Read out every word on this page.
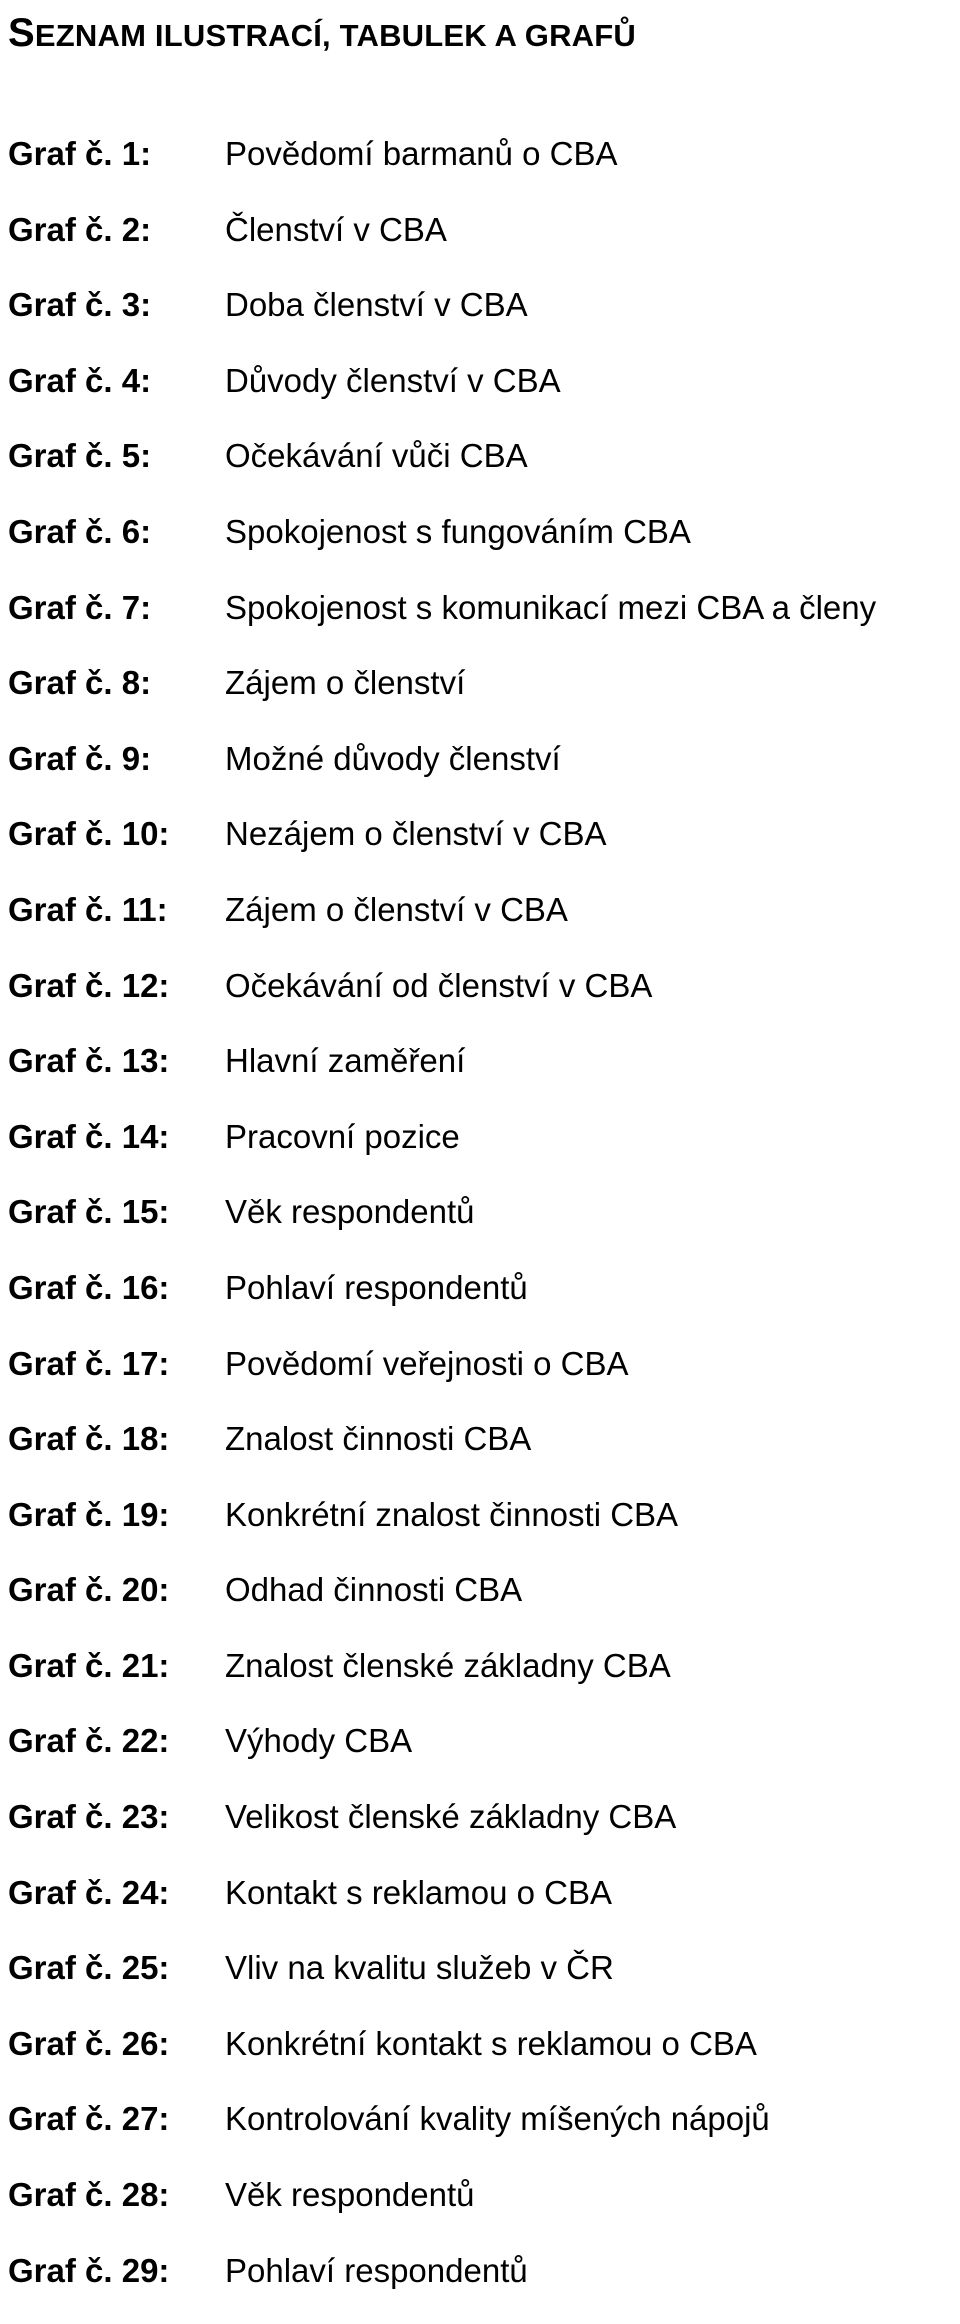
SEZNAM ILUSTRACÍ, TABULEK A GRAFŮ
Graf č. 1: Povědomí barmanů o CBA
Graf č. 2: Členství v CBA
Graf č. 3: Doba členství v CBA
Graf č. 4: Důvody členství v CBA
Graf č. 5: Očekávání vůči CBA
Graf č. 6: Spokojenost s fungováním CBA
Graf č. 7: Spokojenost s komunikací mezi CBA a členy
Graf č. 8: Zájem o členství
Graf č. 9: Možné důvody členství
Graf č. 10: Nezájem o členství v CBA
Graf č. 11: Zájem o členství v CBA
Graf č. 12: Očekávání od členství v CBA
Graf č. 13: Hlavní zaměření
Graf č. 14: Pracovní pozice
Graf č. 15: Věk respondentů
Graf č. 16: Pohlaví respondentů
Graf č. 17: Povědomí veřejnosti o CBA
Graf č. 18: Znalost činnosti CBA
Graf č. 19: Konkrétní znalost činnosti CBA
Graf č. 20: Odhad činnosti CBA
Graf č. 21: Znalost členské základny CBA
Graf č. 22: Výhody CBA
Graf č. 23: Velikost členské základny CBA
Graf č. 24: Kontakt s reklamou o CBA
Graf č. 25: Vliv na kvalitu služeb v ČR
Graf č. 26: Konkrétní kontakt s reklamou o CBA
Graf č. 27: Kontrolování kvality míšených nápojů
Graf č. 28: Věk respondentů
Graf č. 29: Pohlaví respondentů
